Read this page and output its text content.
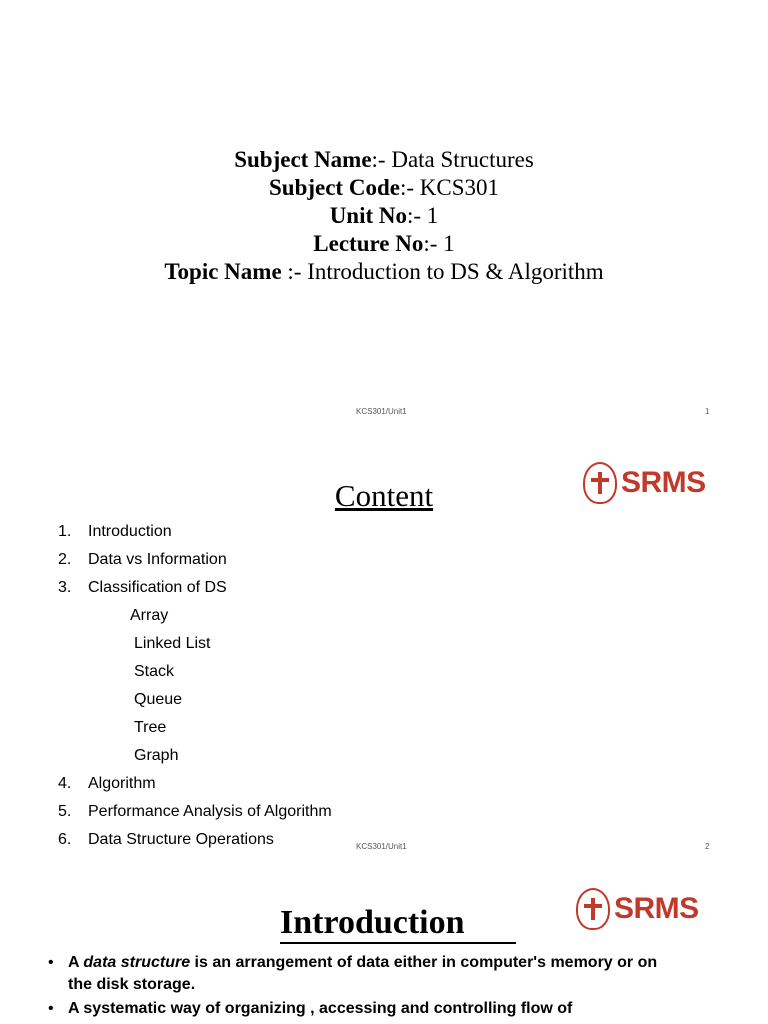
Subject Name:- Data Structures
Subject Code:- KCS301
Unit No:- 1
Lecture No:- 1
Topic Name :- Introduction to DS & Algorithm
KCS301/Unit1	1
SRMS
Content
1. Introduction
2. Data vs Information
3. Classification of DS
Array
Linked List
Stack
Queue
Tree
Graph
4. Algorithm
5. Performance Analysis of Algorithm
6. Data Structure Operations	KCS301/Unit1	2
SRMS
Introduction
• A data structure is an arrangement of data either in computer's memory or on the disk storage.
• A systematic way of organizing , accessing and controlling flow of
